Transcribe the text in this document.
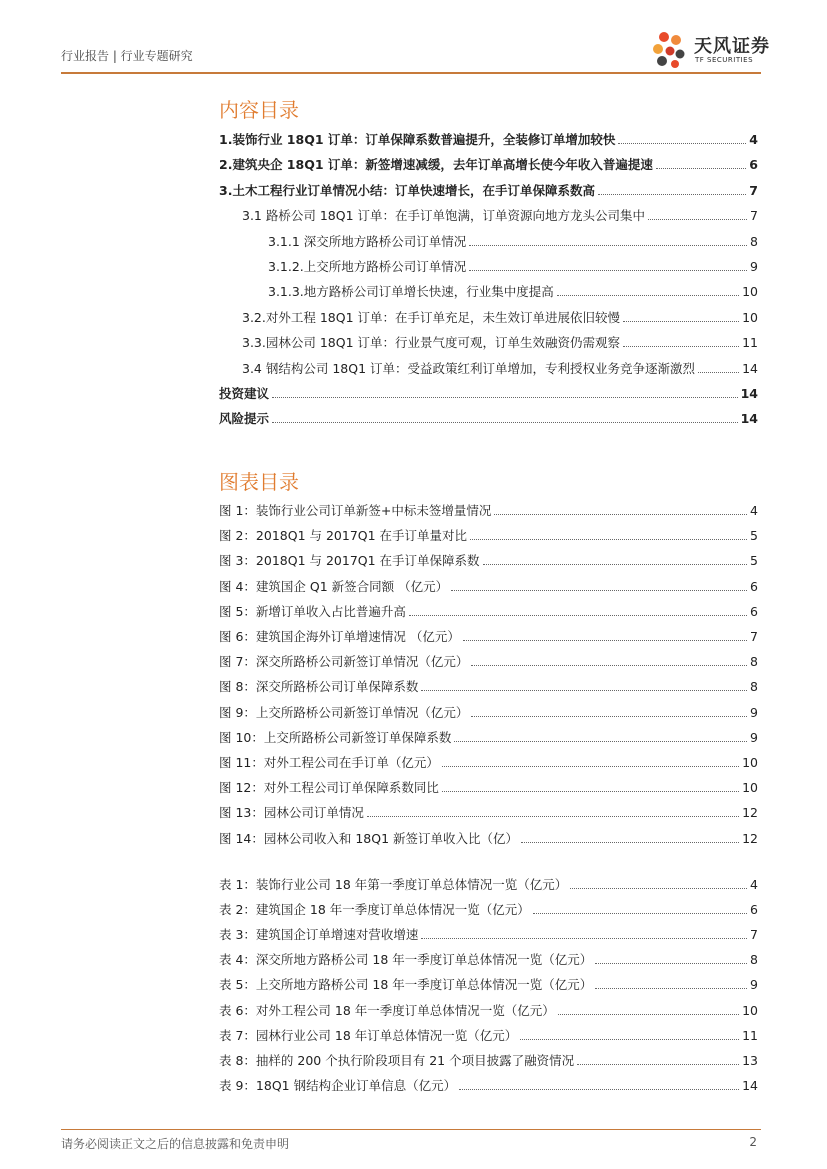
行业报告 | 行业专题研究	天风证券
TF SECURITIES
内容目录
1.装饰行业 18Q1 订单：订单保障系数普遍提升，全装修订单增加较快	4
2.建筑央企 18Q1 订单：新签增速减缓，去年订单高增长使今年收入普遍提速	6
3.土木工程行业订单情况小结：订单快速增长，在手订单保障系数高	7
3.1 路桥公司 18Q1 订单：在手订单饱满，订单资源向地方龙头公司集中	7
3.1.1 深交所地方路桥公司订单情况	8
3.1.2.上交所地方路桥公司订单情况	9
3.1.3.地方路桥公司订单增长快速，行业集中度提高	10
3.2.对外工程 18Q1 订单：在手订单充足，未生效订单进展依旧较慢	10
3.3.园林公司 18Q1 订单：行业景气度可观，订单生效融资仍需观察	11
3.4 钢结构公司 18Q1 订单：受益政策红利订单增加，专利授权业务竞争逐渐激烈	14
投资建议	14
风险提示	14
图表目录
图 1：装饰行业公司订单新签+中标未签增量情况	4
图 2：2018Q1 与 2017Q1 在手订单量对比	5
图 3：2018Q1 与 2017Q1 在手订单保障系数	5
图 4：建筑国企 Q1 新签合同额 （亿元）	6
图 5：新增订单收入占比普遍升高	6
图 6：建筑国企海外订单增速情况 （亿元）	7
图 7：深交所路桥公司新签订单情况（亿元）	8
图 8：深交所路桥公司订单保障系数	8
图 9：上交所路桥公司新签订单情况（亿元）	9
图 10：上交所路桥公司新签订单保障系数	9
图 11：对外工程公司在手订单（亿元）	10
图 12：对外工程公司订单保障系数同比	10
图 13：园林公司订单情况	12
图 14：园林公司收入和 18Q1 新签订单收入比（亿）	12
表 1：装饰行业公司 18 年第一季度订单总体情况一览（亿元）	4
表 2：建筑国企 18 年一季度订单总体情况一览（亿元）	6
表 3：建筑国企订单增速对营收增速	7
表 4：深交所地方路桥公司 18 年一季度订单总体情况一览（亿元）	8
表 5：上交所地方路桥公司 18 年一季度订单总体情况一览（亿元）	9
表 6：对外工程公司 18 年一季度订单总体情况一览（亿元）	10
表 7：园林行业公司 18 年订单总体情况一览（亿元）	11
表 8：抽样的 200 个执行阶段项目有 21 个项目披露了融资情况	13
表 9：18Q1 钢结构企业订单信息（亿元）	14
请务必阅读正文之后的信息披露和免责申明	2
